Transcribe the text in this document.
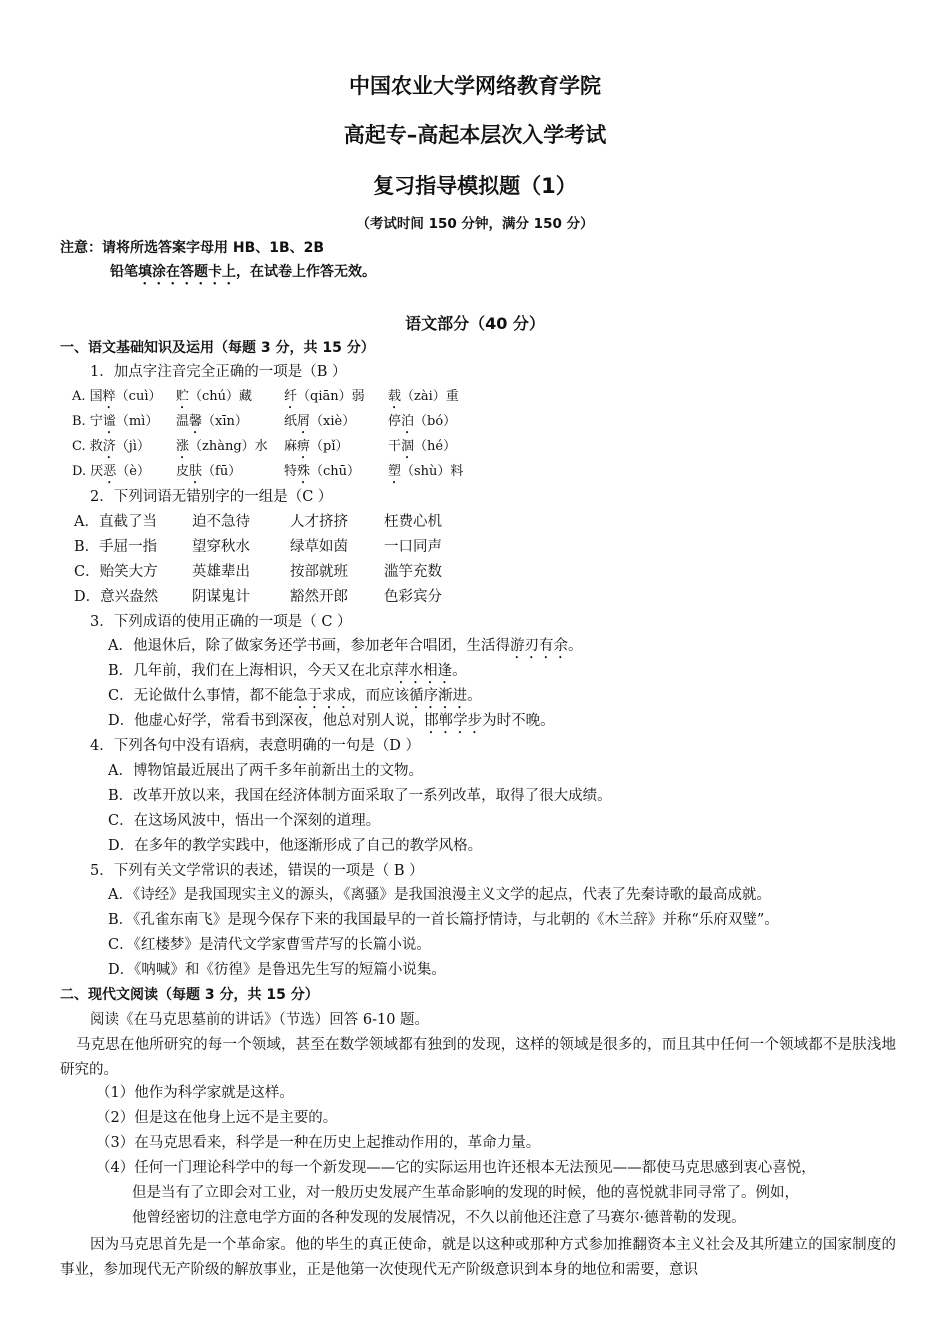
中国农业大学网络教育学院
高起专–高起本层次入学考试
复习指导模拟题（1）
（考试时间 150 分钟，满分 150 分）
注意：请将所选答案字母用 HB、1B、2B
铅笔填涂在答题卡上，在试卷上作答无效。
语文部分（40 分）
一、语文基础知识及运用（每题 3 分，共 15 分）
1．加点字注音完全正确的一项是（B ）
A. 国粹（cuì） 贮（chú）藏 纤（qiān）弱 载（zài）重
B. 宁谧（mì） 温馨（xīn）	纸屑（xiè）	停泊（bó）
C. 救济（jì） 涨（zhàng）水 麻痹（pǐ）	干涸（hé）
D. 厌恶（è） 皮肤（fū）	特殊（chū） 塑（shù）料
2．下列词语无错别字的一组是（C ）
A．直截了当 迫不急待	人才挤挤 枉费心机
B．手屈一指 望穿秋水	绿草如茵 一口同声
C．贻笑大方 英雄辈出	按部就班 滥竽充数
D．意兴盎然 阴谋鬼计	豁然开郎 色彩宾分
3．下列成语的使用正确的一项是（ C ）
A．他退休后，除了做家务还学书画，参加老年合唱团，生活得游刃有余。
B．几年前，我们在上海相识，今天又在北京萍水相逢。
C．无论做什么事情，都不能急于求成，而应该循序渐进。
D．他虚心好学，常看书到深夜，他总对别人说，邯郸学步为时不晚。
4．下列各句中没有语病，表意明确的一句是（D ）
A．博物馆最近展出了两千多年前新出土的文物。
B．改革开放以来，我国在经济体制方面采取了一系列改革，取得了很大成绩。
C．在这场风波中，悟出一个深刻的道理。
D．在多年的教学实践中，他逐渐形成了自己的教学风格。
5．下列有关文学常识的表述，错误的一项是（ B ）
A．《诗经》是我国现实主义的源头，《离骚》是我国浪漫主义文学的起点，代表了先秦诗歌的最高成就。
B．《孔雀东南飞》是现今保存下来的我国最早的一首长篇抒情诗，与北朝的《木兰辞》并称“乐府双璧”。
C．《红楼梦》是清代文学家曹雪芹写的长篇小说。
D．《呐喊》和《彷徨》是鲁迅先生写的短篇小说集。
二、现代文阅读（每题 3 分，共 15 分）
阅读《在马克思墓前的讲话》（节选）回答 6-10 题。
马克思在他所研究的每一个领域，甚至在数学领域都有独到的发现，这样的领域是很多的，而且其中任何一个领域都不是肤浅地研究的。
（1）他作为科学家就是这样。
（2）但是这在他身上远不是主要的。
（3）在马克思看来，科学是一种在历史上起推动作用的，革命力量。
（4）任何一门理论科学中的每一个新发现——它的实际运用也许还根本无法预见——都使马克思感到衷心喜悦，
但是当有了立即会对工业，对一般历史发展产生革命影响的发现的时候，他的喜悦就非同寻常了。例如，
他曾经密切的注意电学方面的各种发现的发展情况，不久以前他还注意了马赛尔·德普勒的发现。
因为马克思首先是一个革命家。他的毕生的真正使命，就是以这种或那种方式参加推翻资本主义社会及其所建立的国家制度的事业，参加现代无产阶级的解放事业，正是他第一次使现代无产阶级意识到本身的地位和需要，意识
